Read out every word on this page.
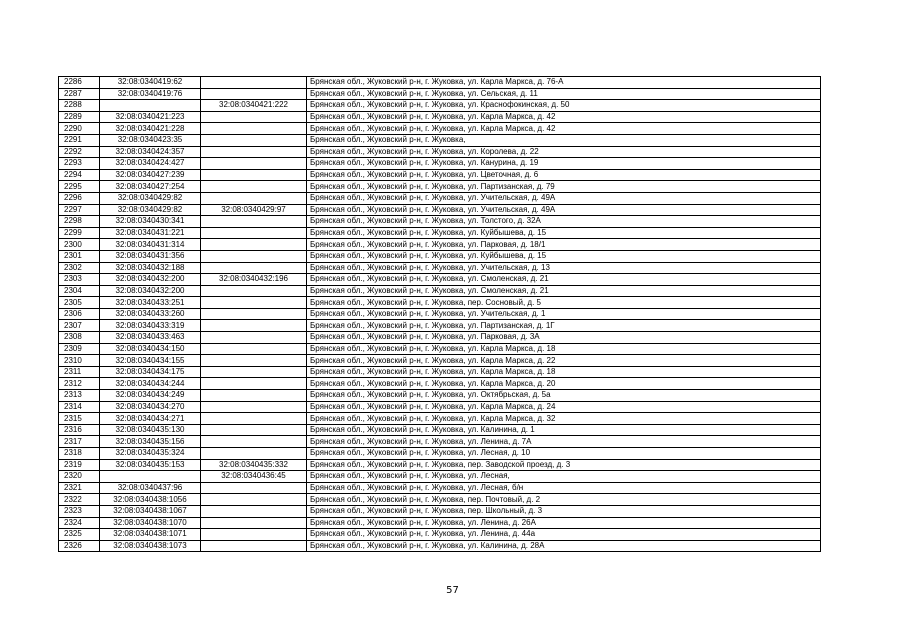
2286	32:08:0340419:62		Брянская обл., Жуковский р-н, г. Жуковка, ул. Карла Маркса, д. 76-А
2287	32:08:0340419:76		Брянская обл., Жуковский р-н, г. Жуковка, ул. Сельская, д. 11
2288		32:08:0340421:222	Брянская обл., Жуковский р-н, г. Жуковка, ул. Краснофокинская, д. 50
2289	32:08:0340421:223		Брянская обл., Жуковский р-н, г. Жуковка, ул. Карла Маркса, д. 42
2290	32:08:0340421:228		Брянская обл., Жуковский р-н, г. Жуковка, ул. Карла Маркса, д. 42
2291	32:08:0340423:35		Брянская обл., Жуковский р-н, г. Жуковка,
2292	32:08:0340424:357		Брянская обл., Жуковский р-н, г. Жуковка, ул. Королева, д. 22
2293	32:08:0340424:427		Брянская обл., Жуковский р-н, г. Жуковка, ул. Канурина, д. 19
2294	32:08:0340427:239		Брянская обл., Жуковский р-н, г. Жуковка, ул. Цветочная, д. 6
2295	32:08:0340427:254		Брянская обл., Жуковский р-н, г. Жуковка, ул. Партизанская, д. 79
2296	32:08:0340429:82		Брянская обл., Жуковский р-н, г. Жуковка, ул. Учительская, д. 49А
2297	32:08:0340429:82	32:08:0340429:97	Брянская обл., Жуковский р-н, г. Жуковка, ул. Учительская, д. 49А
2298	32:08:0340430:341		Брянская обл., Жуковский р-н, г. Жуковка, ул. Толстого, д. 32А
2299	32:08:0340431:221		Брянская обл., Жуковский р-н, г. Жуковка, ул. Куйбышева, д. 15
2300	32:08:0340431:314		Брянская обл., Жуковский р-н, г. Жуковка, ул. Парковая, д. 18/1
2301	32:08:0340431:356		Брянская обл., Жуковский р-н, г. Жуковка, ул. Куйбышева, д. 15
2302	32:08:0340432:188		Брянская обл., Жуковский р-н, г. Жуковка, ул. Учительская, д. 13
2303	32:08:0340432:200	32:08:0340432:196	Брянская обл., Жуковский р-н, г. Жуковка, ул. Смоленская, д. 21
2304	32:08:0340432:200		Брянская обл., Жуковский р-н, г. Жуковка, ул. Смоленская, д. 21
2305	32:08:0340433:251		Брянская обл., Жуковский р-н, г. Жуковка, пер. Сосновый, д. 5
2306	32:08:0340433:260		Брянская обл., Жуковский р-н, г. Жуковка, ул. Учительская, д. 1
2307	32:08:0340433:319		Брянская обл., Жуковский р-н, г. Жуковка, ул. Партизанская, д. 1Г
2308	32:08:0340433:463		Брянская обл., Жуковский р-н, г. Жуковка, ул. Парковая, д. 3А
2309	32:08:0340434:150		Брянская обл., Жуковский р-н, г. Жуковка, ул. Карла Маркса, д. 18
2310	32:08:0340434:155		Брянская обл., Жуковский р-н, г. Жуковка, ул. Карла Маркса, д. 22
2311	32:08:0340434:175		Брянская обл., Жуковский р-н, г. Жуковка, ул. Карла Маркса, д. 18
2312	32:08:0340434:244		Брянская обл., Жуковский р-н, г. Жуковка, ул. Карла Маркса, д. 20
2313	32:08:0340434:249		Брянская обл., Жуковский р-н, г. Жуковка, ул. Октябрьская, д. 5а
2314	32:08:0340434:270		Брянская обл., Жуковский р-н, г. Жуковка, ул. Карла Маркса, д. 24
2315	32:08:0340434:271		Брянская обл., Жуковский р-н, г. Жуковка, ул. Карла Маркса, д. 32
2316	32:08:0340435:130		Брянская обл., Жуковский р-н, г. Жуковка, ул. Калинина, д. 1
2317	32:08:0340435:156		Брянская обл., Жуковский р-н, г. Жуковка, ул. Ленина, д. 7А
2318	32:08:0340435:324		Брянская обл., Жуковский р-н, г. Жуковка, ул. Лесная, д. 10
2319	32:08:0340435:153	32:08:0340435:332	Брянская обл., Жуковский р-н, г. Жуковка, пер. Заводской проезд, д. 3
2320		32:08:0340436:45	Брянская обл., Жуковский р-н, г. Жуковка, ул. Лесная,
2321	32:08:0340437:96		Брянская обл., Жуковский р-н, г. Жуковка, ул. Лесная, б/н
2322	32:08:0340438:1056		Брянская обл., Жуковский р-н, г. Жуковка, пер. Почтовый, д. 2
2323	32:08:0340438:1067		Брянская обл., Жуковский р-н, г. Жуковка, пер. Школьный, д. 3
2324	32:08:0340438:1070		Брянская обл., Жуковский р-н, г. Жуковка, ул. Ленина, д. 26А
2325	32:08:0340438:1071		Брянская обл., Жуковский р-н, г. Жуковка, ул. Ленина, д. 44а
2326	32:08:0340438:1073		Брянская обл., Жуковский р-н, г. Жуковка, ул. Калинина, д. 28А
57
